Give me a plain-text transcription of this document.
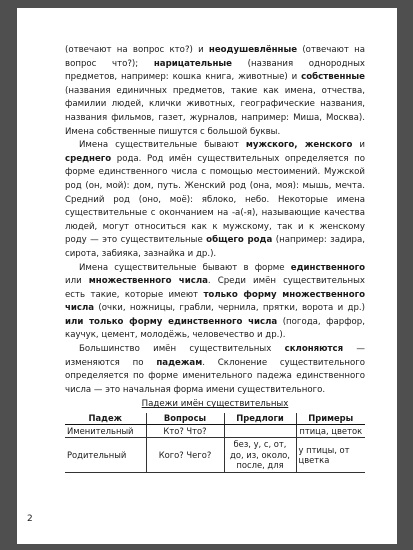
(отвечают на вопрос кто?) и неодушевлённые (отвечают на вопрос что?); нарицательные (названия однородных предметов, например: кошка книга, животные) и собственные (названия единичных предметов, такие как имена, отчества, фамилии людей, клички животных, географические названия, названия фильмов, газет, журналов, например: Миша, Москва). Имена собственные пишутся с большой буквы.

Имена существительные бывают мужского, женского и среднего рода. Род имён существительных определяется по форме единственного числа с помощью местоимений. Мужской род (он, мой): дом, путь. Женский род (она, моя): мышь, мечта. Средний род (оно, моё): яблоко, небо. Некоторые имена существительные с окончанием на -а(-я), называющие качества людей, могут относиться как к мужскому, так и к женскому роду — это существительные общего рода (например: задира, сирота, забияка, зазнайка и др.).

Имена существительные бывают в форме единственного или множественного числа. Среди имён существительных есть такие, которые имеют только форму множественного числа (очки, ножницы, грабли, чернила, прятки, ворота и др.) или только форму единственного числа (погода, фарфор, каучук, цемент, молодёжь, человечество и др.).

Большинство имён существительных склоняются — изменяются по падежам. Склонение существительного определяется по форме именительного падежа единственного числа — это начальная форма имени существительного.

Падежи имён существительных
Падеж	Вопросы	Предлоги	Примеры
Именительный	Кто? Что?		птица, цветок
Родительный	Кого? Чего?	без, у, с, от, до, из, около, после, для	у птицы, от цветка
2
